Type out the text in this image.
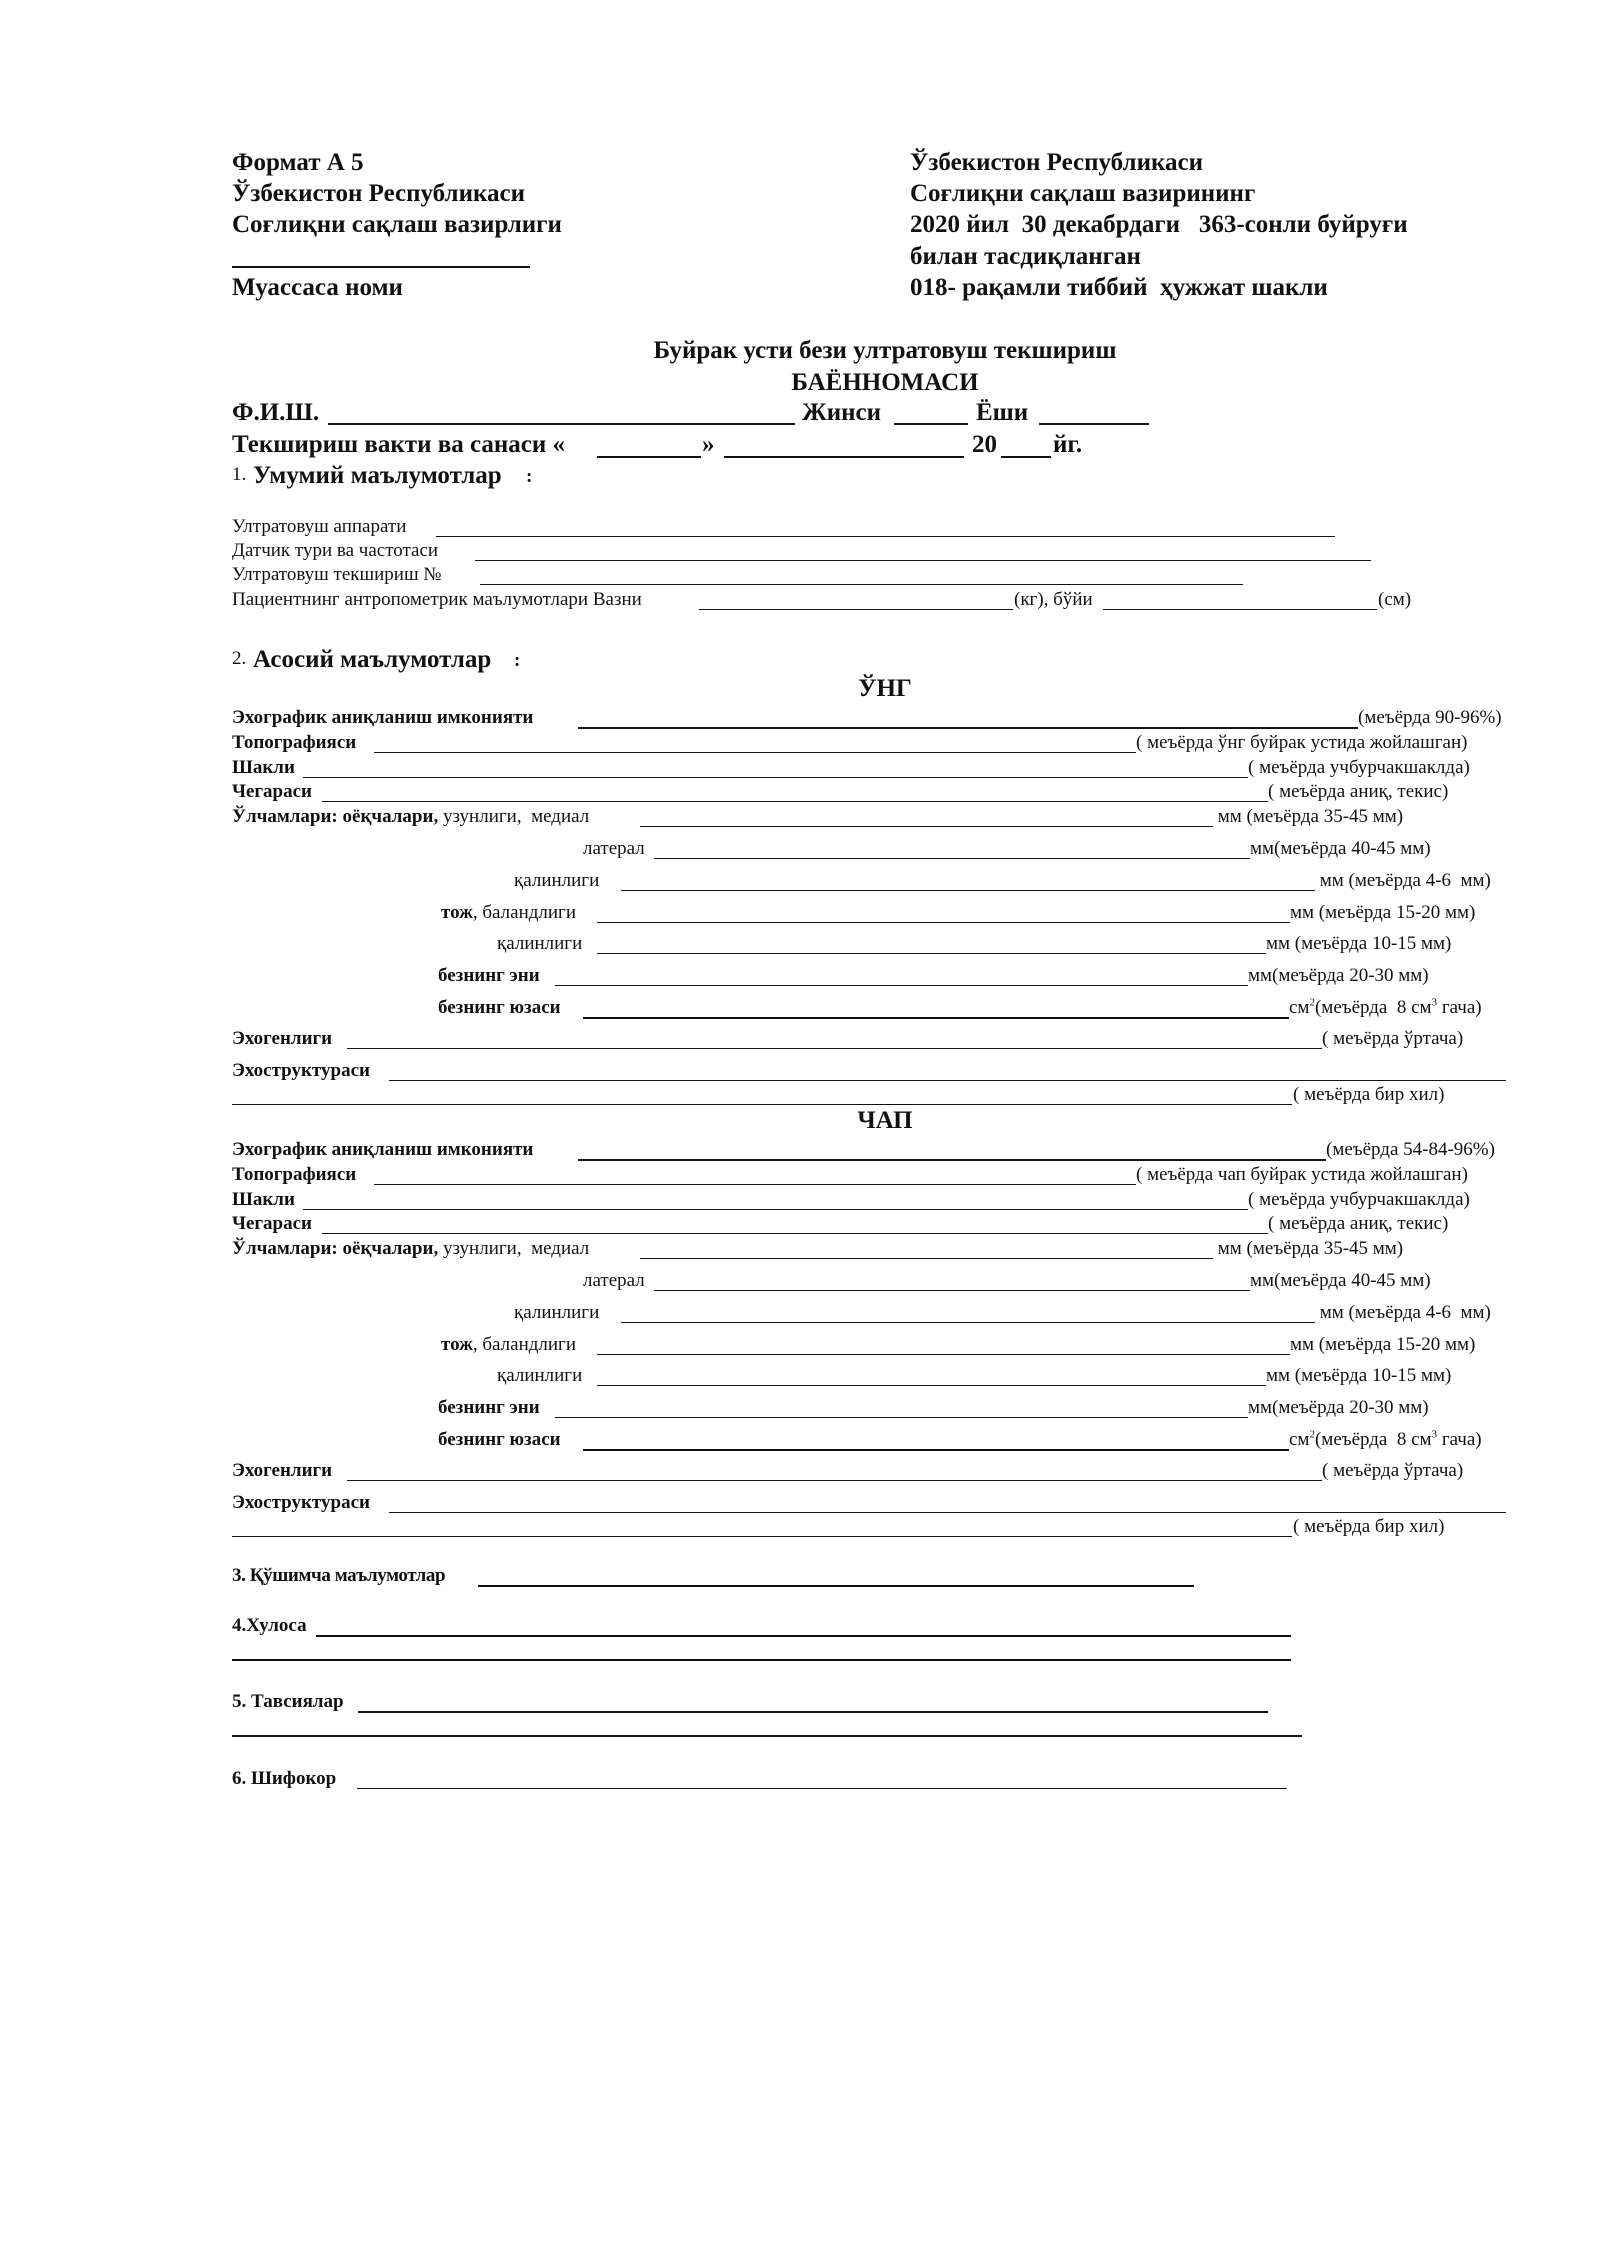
Формат А 5
Ўзбекистон Республикаси
Соғлиқни сақлаш вазирлиги
Муассаса номи
Ўзбекистон Республикаси
Соғлиқни сақлаш вазирининг
2020 йил  30 декабрдаги   363-сонли буйруғи
билан тасдиқланган
018- рақамли тиббий  ҳужжат шакли
Буйрак усти бези ултратовуш текшириш
БАЁННОМАСИ
Ф.И.Ш.	Жинси	Ёши
Текшириш вакти ва санаси «	»	20 йг.
1. Умумий маълумотлар :
Ултратовуш аппарати
Датчик тури ва частотаси
Ултратовуш текшириш №
Пациентнинг антропометрик маълумотлари Вазни	(кг), бўйи	(см)
2. Асосий маълумотлар :
ЎНГ
Эхографик аниқланиш имконияти	(меъёрда 90-96%)
Топографияси	( меъёрда ўнг буйрак устида жойлашган)
Шакли	( меъёрда учбурчакшаклда)
Чегараси	( меъёрда аниқ, текис)
Ўлчамлари: оёқчалари, узунлиги,  медиал	мм (меъёрда 35-45 мм)
латерал	мм(меъёрда 40-45 мм)
қалинлиги	мм (меъёрда 4-6  мм)
тож, баландлиги	мм (меъёрда 15-20 мм)
қалинлиги	мм (меъёрда 10-15 мм)
безнинг эни	мм(меъёрда 20-30 мм)
безнинг юзаси	$см^2(меъёрда$  8 $см^3$ гача)
Эхогенлиги	( меъёрда ўртача)
Эхоструктураси
( меъёрда бир хил)
ЧАП
Эхографик аниқланиш имконияти	(меъёрда 54-84-96%)
Топографияси	( меъёрда чап буйрак устида жойлашган)
Шакли	( меъёрда учбурчакшаклда)
Чегараси	( меъёрда аниқ, текис)
Ўлчамлари: оёқчалари, узунлиги,  медиал	мм (меъёрда 35-45 мм)
латерал	мм(меъёрда 40-45 мм)
қалинлиги	мм (меъёрда 4-6  мм)
тож, баландлиги	мм (меъёрда 15-20 мм)
қалинлиги	мм (меъёрда 10-15 мм)
безнинг эни	мм(меъёрда 20-30 мм)
безнинг юзаси	$см^2(меъёрда$  8 $см^3$ гача)
Эхогенлиги	( меъёрда ўртача)
Эхоструктураси
( меъёрда бир хил)
3. Қўшимча маълумотлар
4.Хулоса
5. Тавсиялар
6. Шифокор
